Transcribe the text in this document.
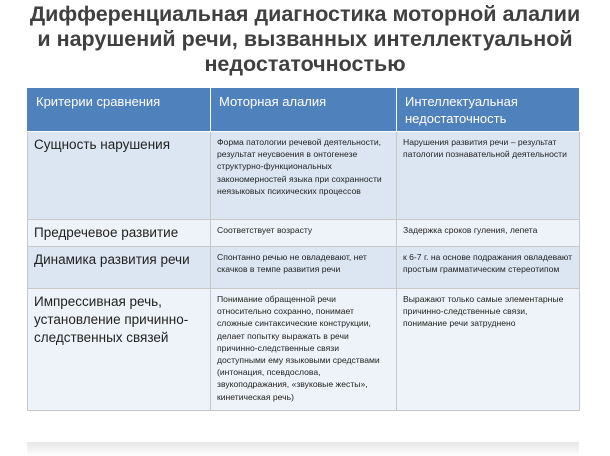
Дифференциальная диагностика моторной алалии
и нарушений речи, вызванных интеллектуальной
недостаточностью
Критерии сравнения	Моторная алалия	Интеллектуальная недостаточность
Сущность нарушения	Форма патологии речевой деятельности, результат неусвоения в онтогенезе структурно-функциональных закономерностей языка при сохранности неязыковых психических процессов	Нарушения развития речи – результат патологии познавательной деятельности
Предречевое развитие	Соответствует возрасту	Задержка сроков гуления, лепета
Динамика развития речи	Спонтанно речью не овладевают, нет скачков в темпе развития речи	к 6-7 г. на основе подражания овладевают простым грамматическим стереотипом
Импрессивная речь, установление причинно-следственных связей	Понимание обращенной речи относительно сохранно, понимает сложные синтаксические конструкции, делает попытку выражать в речи причинно-следственные связи доступными ему языковыми средствами (интонация, псевдослова, звукоподражания, «звуковые жесты», кинетическая речь)	Выражают только самые элементарные причинно-следственные связи, понимание речи затруднено
